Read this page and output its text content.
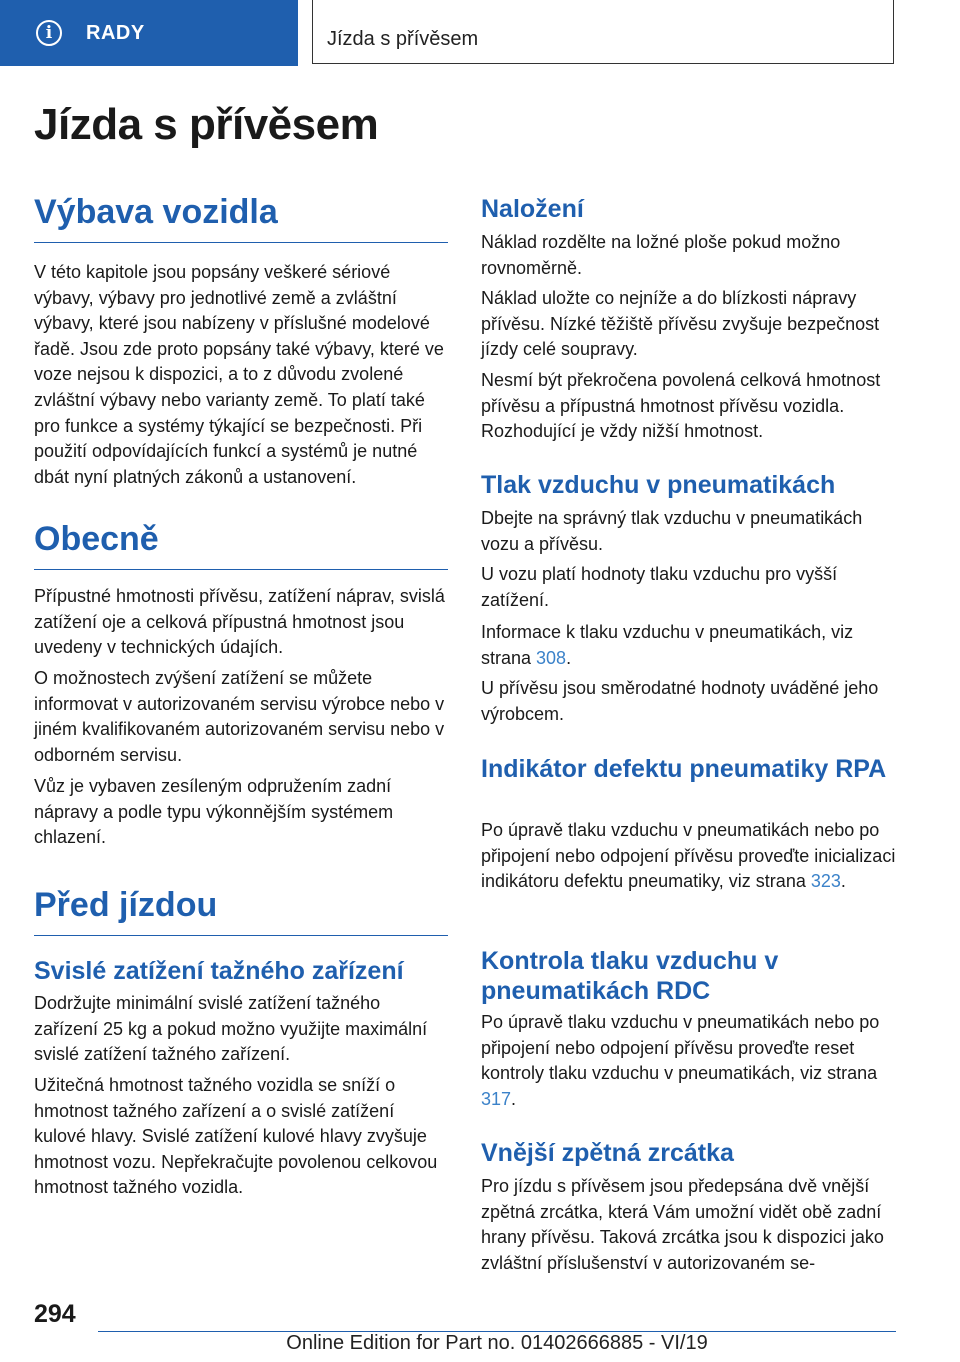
i	RADY	Jízda s přívěsem
Jízda s přívěsem
Výbava vozidla

V této kapitole jsou popsány veškeré sériové výbavy, výbavy pro jednotlivé země a zvláštní výbavy, které jsou nabízeny v příslušné modelové řadě. Jsou zde proto popsány také výbavy, které ve voze nejsou k dispozici, a to z důvodu zvolené zvláštní výbavy nebo varianty země. To platí také pro funkce a systémy týkající se bezpečnosti. Při použití odpovídajících funkcí a systémů je nutné dbát nyní platných zákonů a ustanovení.

Obecně

Přípustné hmotnosti přívěsu, zatížení náprav, svislá zatížení oje a celková přípustná hmotnost jsou uvedeny v technických údajích.

O možnostech zvýšení zatížení se můžete informovat v autorizovaném servisu výrobce nebo v jiném kvalifikovaném autorizovaném servisu nebo v odborném servisu.

Vůz je vybaven zesíleným odpružením zadní nápravy a podle typu výkonnějším systémem chlazení.

Před jízdou
Svislé zatížení tažného zařízení

Dodržujte minimální svislé zatížení tažného zařízení 25 kg a pokud možno využijte maximální svislé zatížení tažného zařízení.

Užitečná hmotnost tažného vozidla se sníží o hmotnost tažného zařízení a o svislé zatížení kulové hlavy. Svislé zatížení kulové hlavy zvyšuje hmotnost vozu. Nepřekračujte povolenou celkovou hmotnost tažného vozidla.

Naložení

Náklad rozdělte na ložné ploše pokud možno rovnoměrně.

Náklad uložte co nejníže a do blízkosti nápravy přívěsu. Nízké těžiště přívěsu zvyšuje bezpečnost jízdy celé soupravy.

Nesmí být překročena povolená celková hmotnost přívěsu a přípustná hmotnost přívěsu vozidla. Rozhodující je vždy nižší hmotnost.

Tlak vzduchu v pneumatikách

Dbejte na správný tlak vzduchu v pneumatikách vozu a přívěsu.

U vozu platí hodnoty tlaku vzduchu pro vyšší zatížení.

Informace k tlaku vzduchu v pneumatikách, viz strana 308.

U přívěsu jsou směrodatné hodnoty uváděné jeho výrobcem.

Indikátor defektu pneumatiky RPA

Po úpravě tlaku vzduchu v pneumatikách nebo po připojení nebo odpojení přívěsu proveďte inicializaci indikátoru defektu pneumatiky, viz strana 323.

Kontrola tlaku vzduchu v pneumatikách RDC

Po úpravě tlaku vzduchu v pneumatikách nebo po připojení nebo odpojení přívěsu proveďte reset kontroly tlaku vzduchu v pneumatikách, viz strana 317.

Vnější zpětná zrcátka

Pro jízdu s přívěsem jsou předepsána dvě vnější zpětná zrcátka, která Vám umožní vidět obě zadní hrany přívěsu. Taková zrcátka jsou k dispozici jako zvláštní příslušenství v autorizovaném se-

294
Online Edition for Part no. 01402666885 - VI/19
